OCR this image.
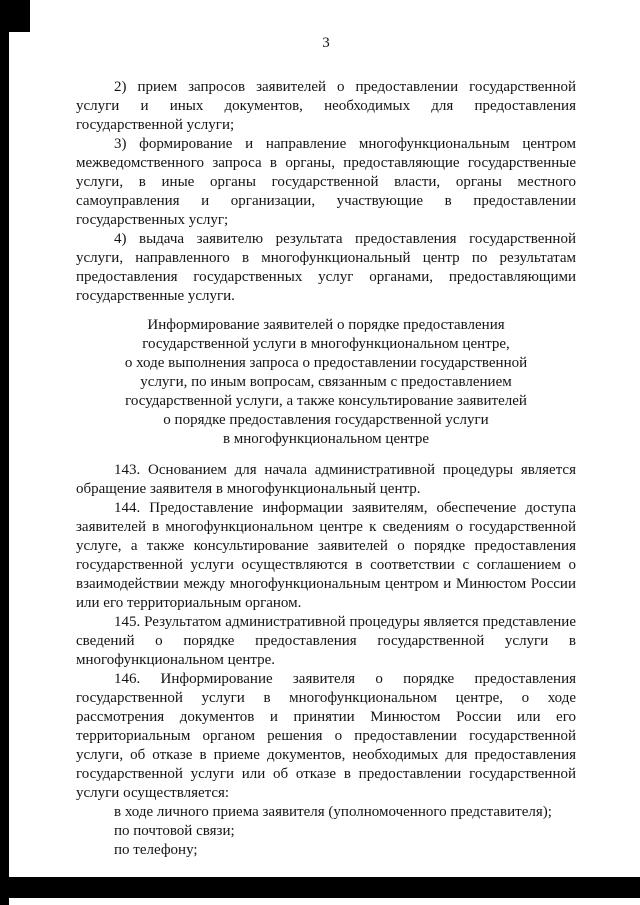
3

2) прием запросов заявителей о предоставлении государственной услуги и иных документов, необходимых для предоставления государственной услуги;

3) формирование и направление многофункциональным центром межведомственного запроса в органы, предоставляющие государственные услуги, в иные органы государственной власти, органы местного самоуправления и организации, участвующие в предоставлении государственных услуг;

4) выдача заявителю результата предоставления государственной услуги, направленного в многофункциональный центр по результатам предоставления государственных услуг органами, предоставляющими государственные услуги.

Информирование заявителей о порядке предоставления
государственной услуги в многофункциональном центре,
о ходе выполнения запроса о предоставлении государственной
услуги, по иным вопросам, связанным с предоставлением
государственной услуги, а также консультирование заявителей
о порядке предоставления государственной услуги
в многофункциональном центре

143. Основанием для начала административной процедуры является обращение заявителя в многофункциональный центр.

144. Предоставление информации заявителям, обеспечение доступа заявителей в многофункциональном центре к сведениям о государственной услуге, а также консультирование заявителей о порядке предоставления государственной услуги осуществляются в соответствии с соглашением о взаимодействии между многофункциональным центром и Минюстом России или его территориальным органом.

145. Результатом административной процедуры является представление сведений о порядке предоставления государственной услуги в многофункциональном центре.

146. Информирование заявителя о порядке предоставления государственной услуги в многофункциональном центре, о ходе рассмотрения документов и принятии Минюстом России или его территориальным органом решения о предоставлении государственной услуги, об отказе в приеме документов, необходимых для предоставления государственной услуги или об отказе в предоставлении государственной услуги осуществляется:

в ходе личного приема заявителя (уполномоченного представителя);

по почтовой связи;

по телефону;
